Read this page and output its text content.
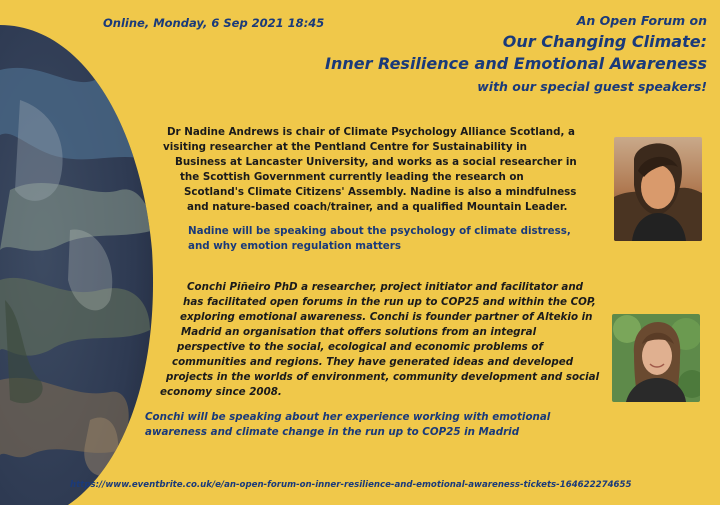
Online, Monday, 6 Sep 2021 18:45	An Open Forum on
Our Changing Climate:
Inner Resilience and Emotional Awareness
with our special guest speakers!
Dr Nadine Andrews is chair of Climate Psychology Alliance Scotland, a
visiting researcher at the Pentland Centre for Sustainability in
Business at Lancaster University, and works as a social researcher in
the Scottish Government currently leading the research on
Scotland's Climate Citizens' Assembly. Nadine is also a mindfulness
and nature-based coach/trainer, and a qualified Mountain Leader.
Nadine will be speaking about the psychology of climate distress,
and why emotion regulation matters
Conchi Piñeiro PhD a researcher, project initiator and facilitator and
has facilitated open forums in the run up to COP25 and within the COP,
exploring emotional awareness. Conchi is founder partner of Altekio in
Madrid an organisation that offers solutions from an integral
perspective to the social, ecological and economic problems of
communities and regions. They have generated ideas and developed
projects in the worlds of environment, community development and social
economy since 2008.
Conchi will be speaking about her experience working with emotional
awareness and climate change in the run up to COP25 in Madrid
https://www.eventbrite.co.uk/e/an-open-forum-on-inner-resilience-and-emotional-awareness-tickets-164622274655
